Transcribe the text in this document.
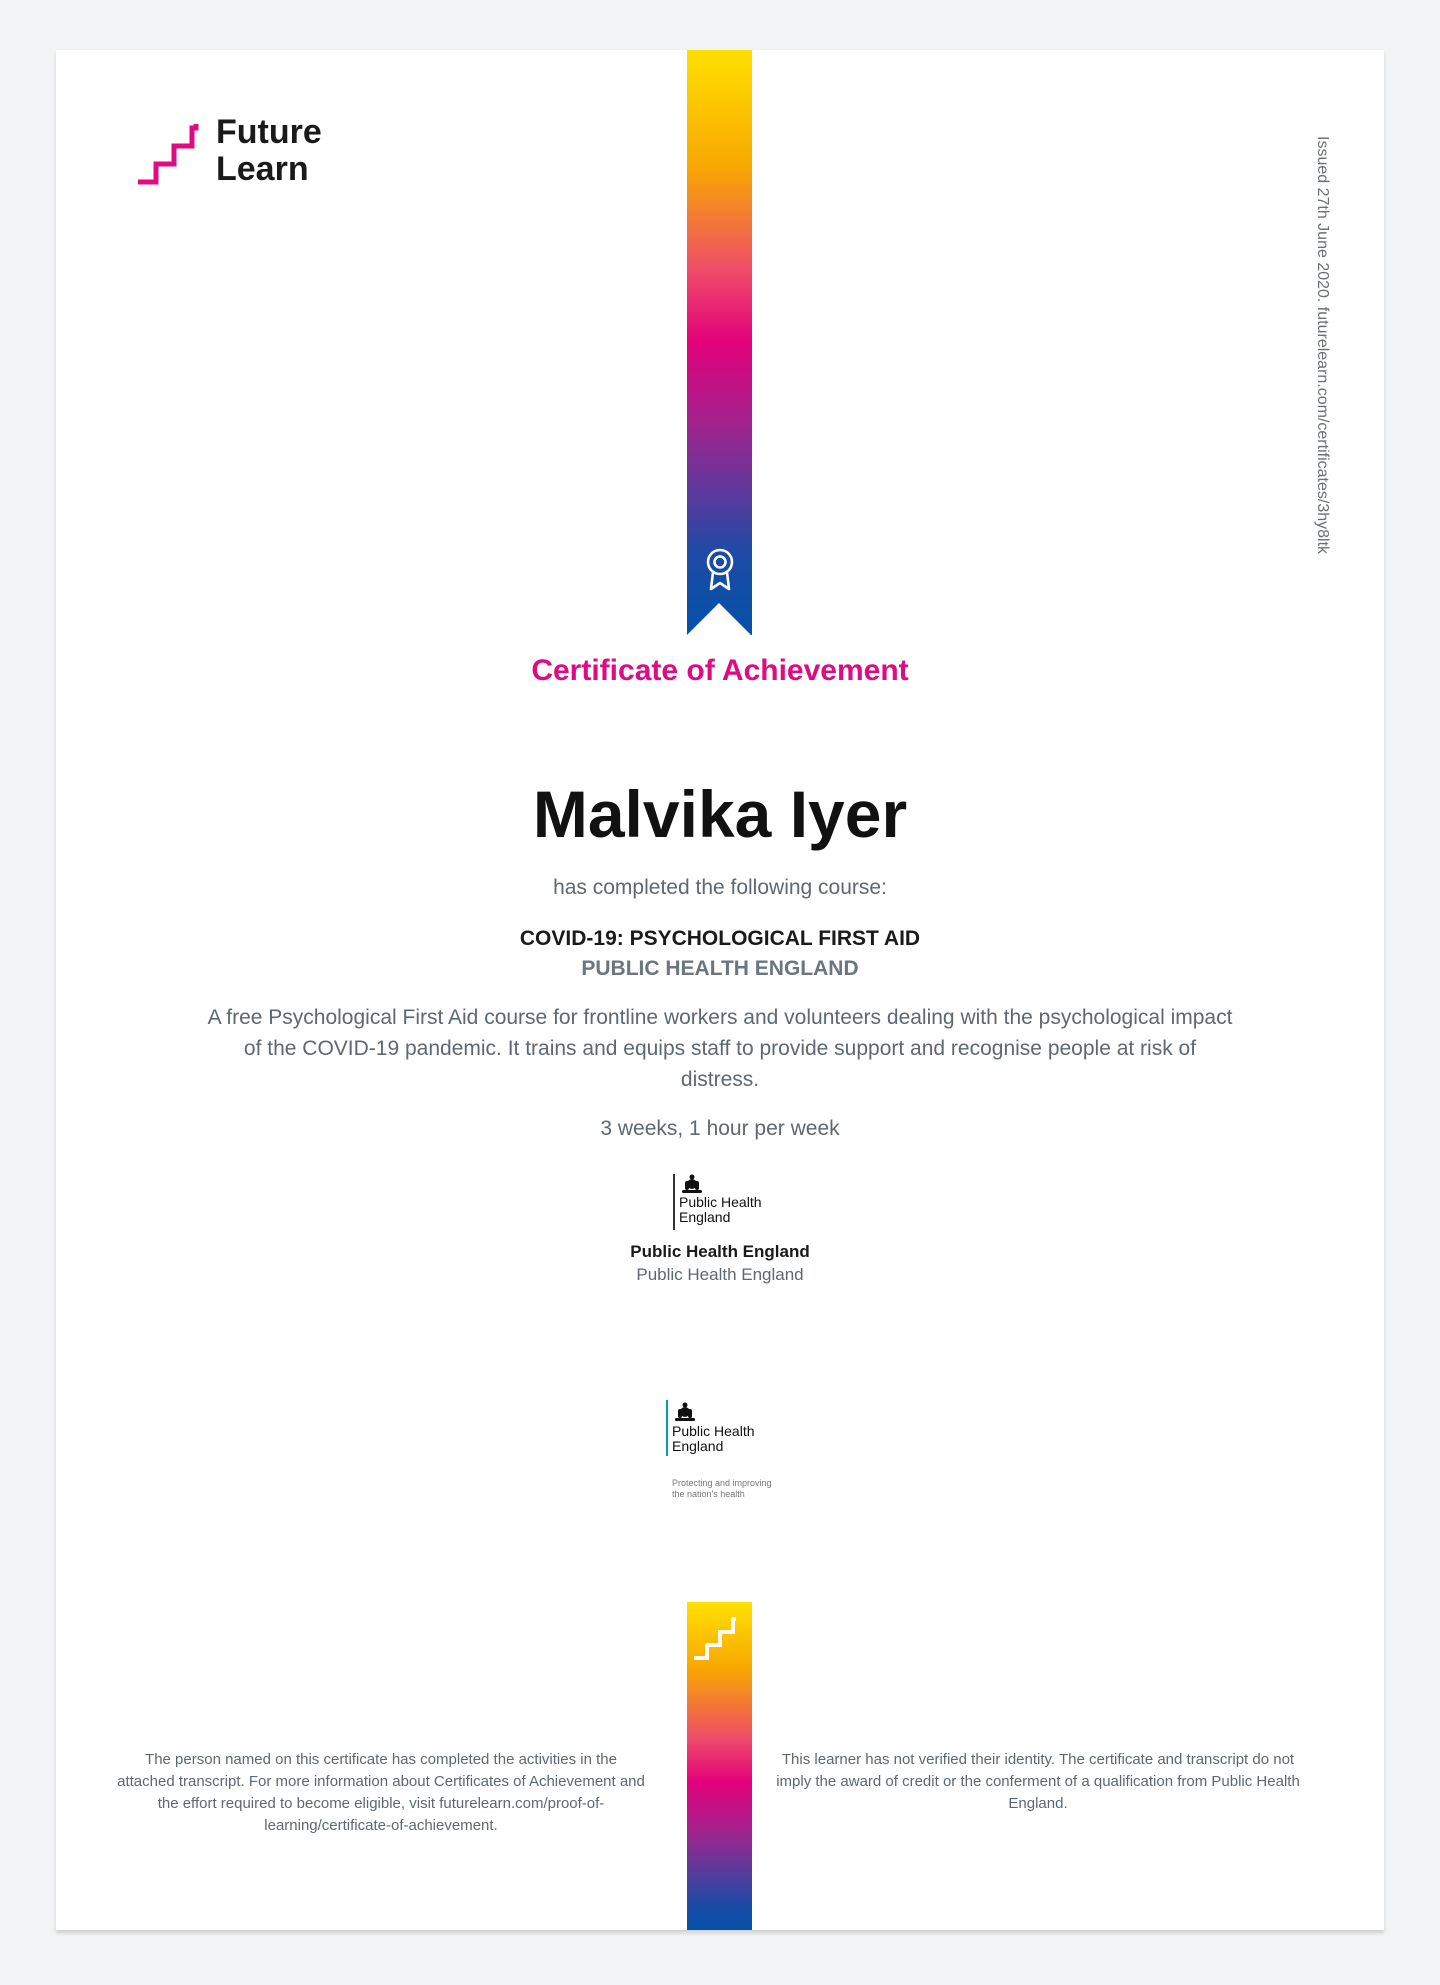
Future
Learn	Issued 27th June 2020. futurelearn.com/certificates/3hy8ltk
Certificate of Achievement
Malvika Iyer
has completed the following course:
COVID-19: PSYCHOLOGICAL FIRST AID
PUBLIC HEALTH ENGLAND
A free Psychological First Aid course for frontline workers and volunteers dealing with the psychological impact of the COVID-19 pandemic. It trains and equips staff to provide support and recognise people at risk of distress.
3 weeks, 1 hour per week
Public Health
England
Public Health England
Public Health England
Public Health
England
Protecting and improving
the nation's health
The person named on this certificate has completed the activities in the attached transcript. For more information about Certificates of Achievement and the effort required to become eligible, visit futurelearn.com/proof-of-learning/certificate-of-achievement.
This learner has not verified their identity. The certificate and transcript do not imply the award of credit or the conferment of a qualification from Public Health England.
